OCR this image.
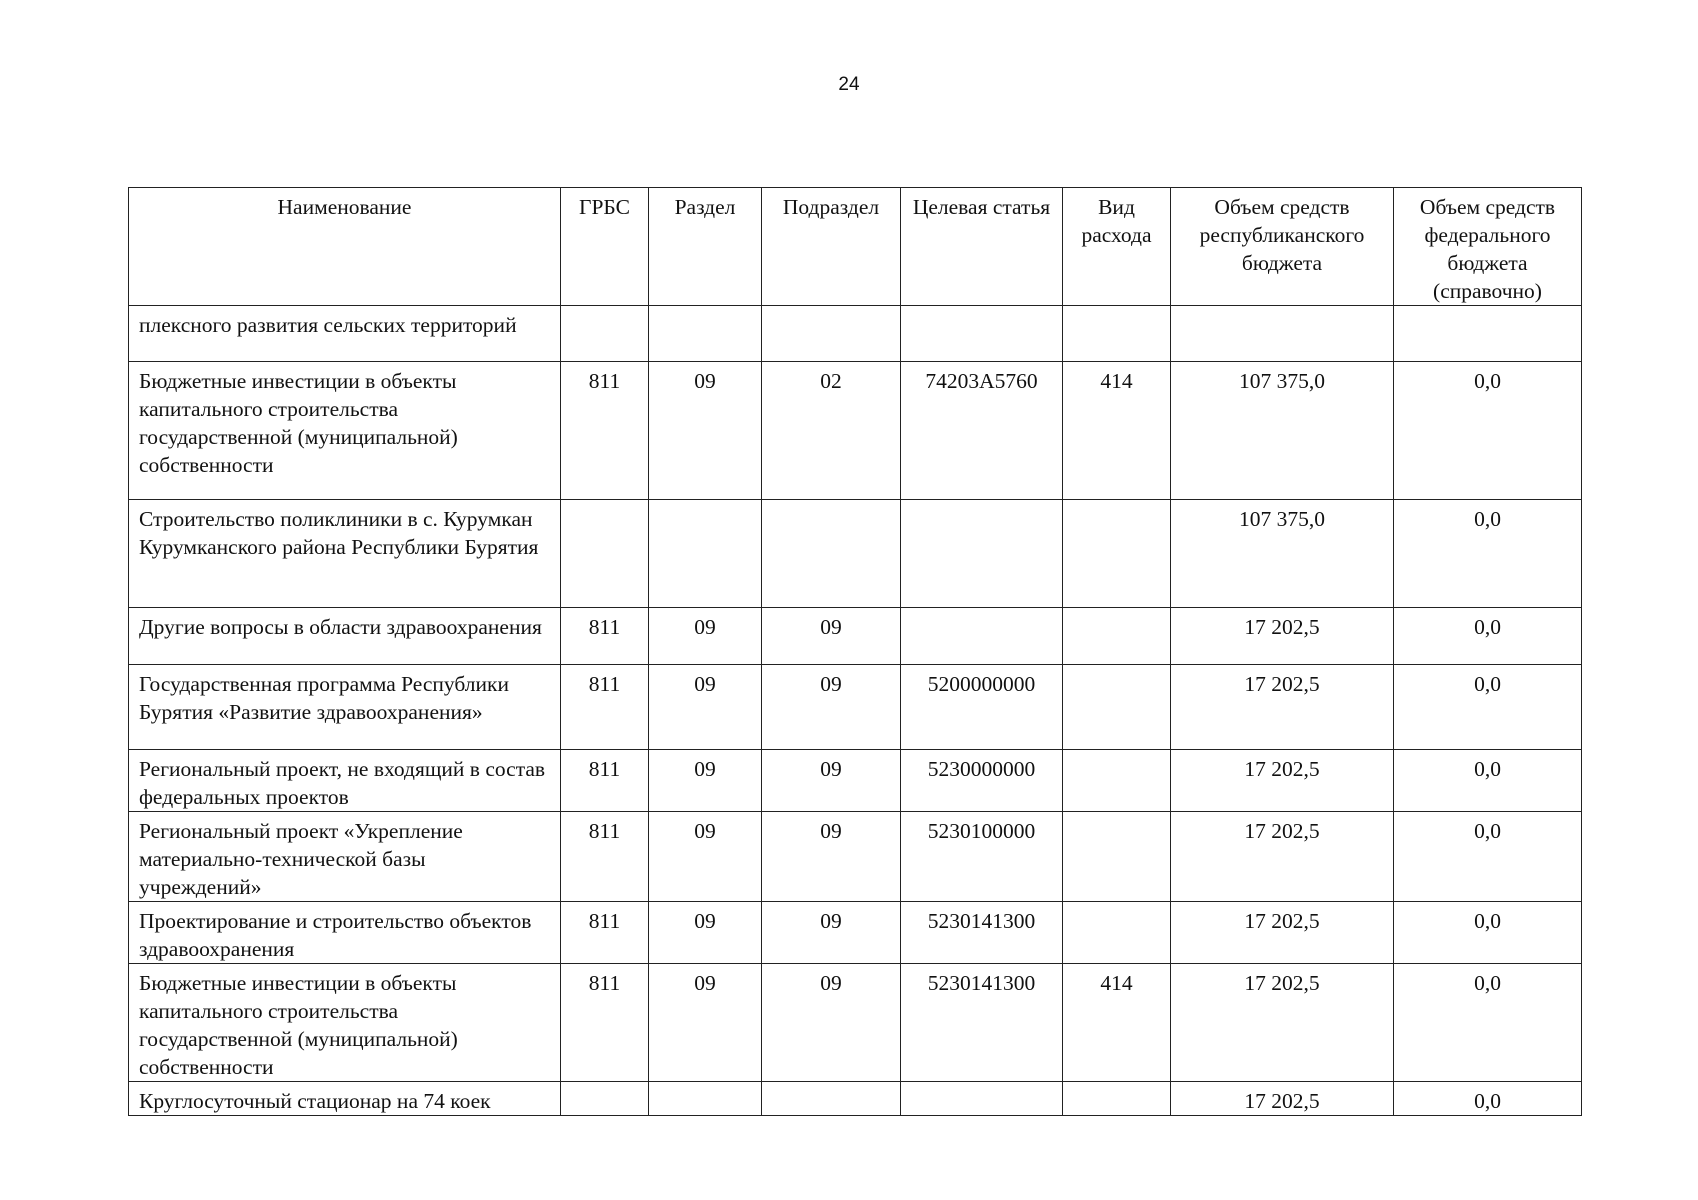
24
Наименование	ГРБС	Раздел	Подраздел	Целевая статья	Вид расхода	Объем средств республиканского бюджета	Объем средств федерального бюджета (справочно)
плексного развития сельских территорий							
Бюджетные инвестиции в объекты капитального строительства государственной (муниципальной) собственности	811	09	02	74203A5760	414	107 375,0	0,0
Строительство поликлиники в с. Курумкан Курумканского района Республики Бурятия						107 375,0	0,0
Другие вопросы в области здравоохранения	811	09	09			17 202,5	0,0
Государственная программа Республики Бурятия «Развитие здравоохранения»	811	09	09	5200000000		17 202,5	0,0
Региональный проект, не входящий в состав федеральных проектов	811	09	09	5230000000		17 202,5	0,0
Региональный проект «Укрепление материально-технической базы учреждений»	811	09	09	5230100000		17 202,5	0,0
Проектирование и строительство объектов здравоохранения	811	09	09	5230141300		17 202,5	0,0
Бюджетные инвестиции в объекты капитального строительства государственной (муниципальной) собственности	811	09	09	5230141300	414	17 202,5	0,0
Круглосуточный стационар на 74 коек						17 202,5	0,0
